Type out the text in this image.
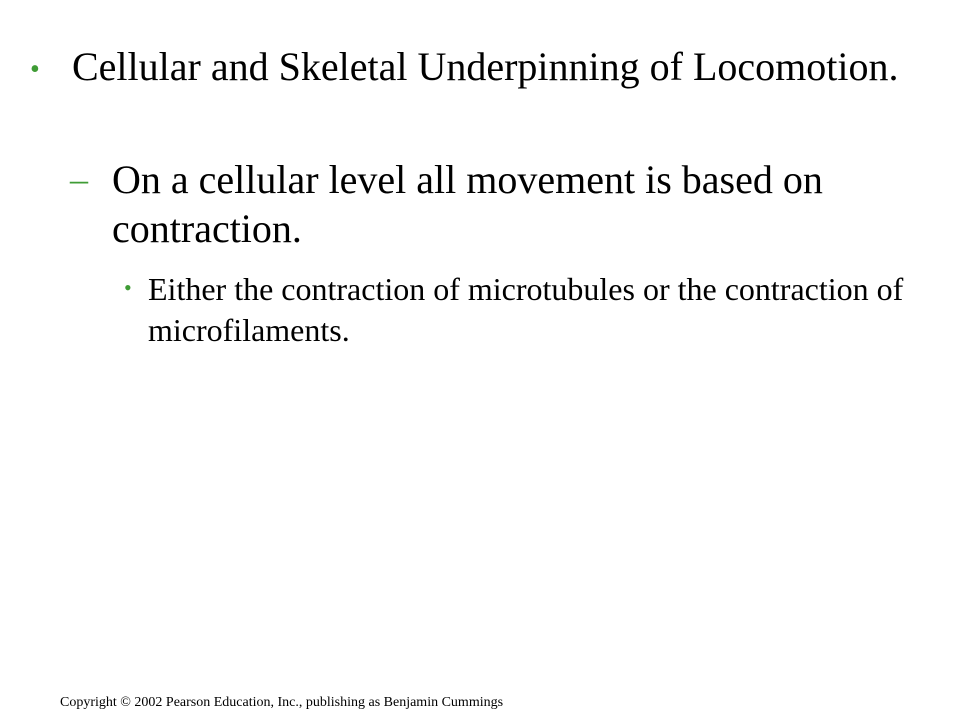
• Cellular and Skeletal Underpinning of Locomotion.

– On a cellular level all movement is based on contraction.

• Either the contraction of microtubules or the contraction of microfilaments.

Copyright © 2002 Pearson Education, Inc., publishing as Benjamin Cummings
